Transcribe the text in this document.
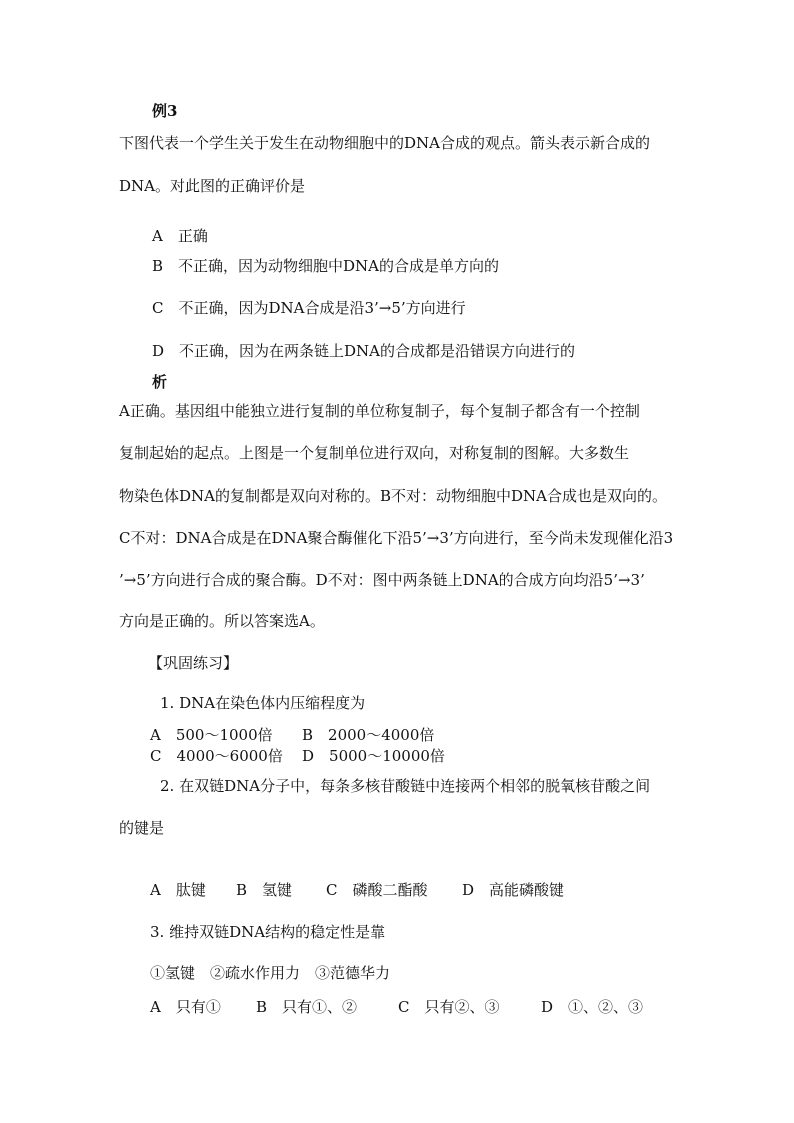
例3
下图代表一个学生关于发生在动物细胞中的DNA合成的观点。箭头表示新合成的
DNA。对此图的正确评价是
A　正确
B　不正确，因为动物细胞中DNA的合成是单方向的
C　不正确，因为DNA合成是沿3’→5’方向进行
D　不正确，因为在两条链上DNA的合成都是沿错误方向进行的
析
A正确。基因组中能独立进行复制的单位称复制子，每个复制子都含有一个控制
复制起始的起点。上图是一个复制单位进行双向，对称复制的图解。大多数生
物染色体DNA的复制都是双向对称的。B不对：动物细胞中DNA合成也是双向的。
C不对：DNA合成是在DNA聚合酶催化下沿5’→3’方向进行，至今尚未发现催化沿3
’→5’方向进行合成的聚合酶。D不对：图中两条链上DNA的合成方向均沿5’→3’
方向是正确的。所以答案选A。
【巩固练习】
1. DNA在染色体内压缩程度为
A　500～1000倍 B　2000～4000倍
C　4000～6000倍 D　5000～10000倍
2. 在双链DNA分子中，每条多核苷酸链中连接两个相邻的脱氧核苷酸之间
的键是
A　肽键 B　氢键 C　磷酸二酯酸 D　高能磷酸键
3. 维持双链DNA结构的稳定性是靠
①氢键　②疏水作用力　③范德华力
A　只有① B　只有①、②	C　只有②、③	D　①、②、③
